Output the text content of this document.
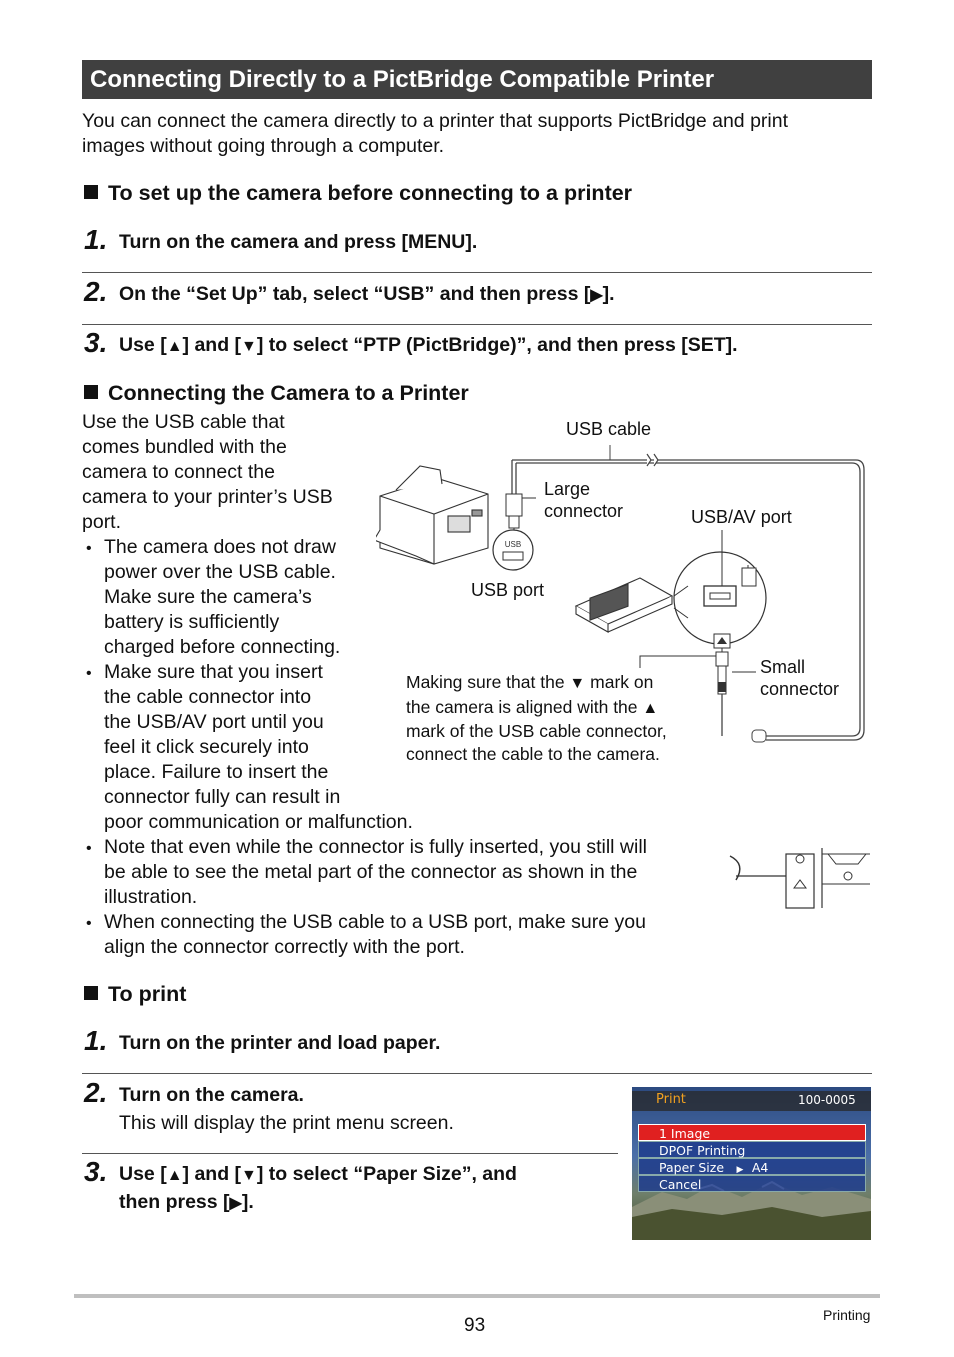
Connecting Directly to a PictBridge Compatible Printer
You can connect the camera directly to a printer that supports PictBridge and print
images without going through a computer.
To set up the camera before connecting to a printer
1. Turn on the camera and press [MENU].
2. On the “Set Up” tab, select “USB” and then press [▶].
3. Use [▲] and [▼] to select “PTP (PictBridge)”, and then press [SET].
Connecting the Camera to a Printer
Use the USB cable that
comes bundled with the
camera to connect the
camera to your printer’s USB
port.
• The camera does not draw
power over the USB cable.
Make sure the camera’s
battery is sufficiently
charged before connecting.
• Make sure that you insert
the cable connector into
the USB/AV port until you
feel it click securely into
place. Failure to insert the
connector fully can result in
poor communication or malfunction.
• Note that even while the connector is fully inserted, you still will
be able to see the metal part of the connector as shown in the
illustration.
• When connecting the USB cable to a USB port, make sure you
align the connector correctly with the port.
USB
USB cable
Large
connector	USB/AV port
USB port
Small
connector
Making sure that the ▼ mark on
the camera is aligned with the ▲
mark of the USB cable connector,
connect the cable to the camera.
To print
1. Turn on the printer and load paper.
2. Turn on the camera.
This will display the print menu screen.
3. Use [▲] and [▼] to select “Paper Size”, and
then press [▶].
Print	100-0005
1 Image
DPOF Printing
Paper Size ▶ A4
Cancel
93	Printing
